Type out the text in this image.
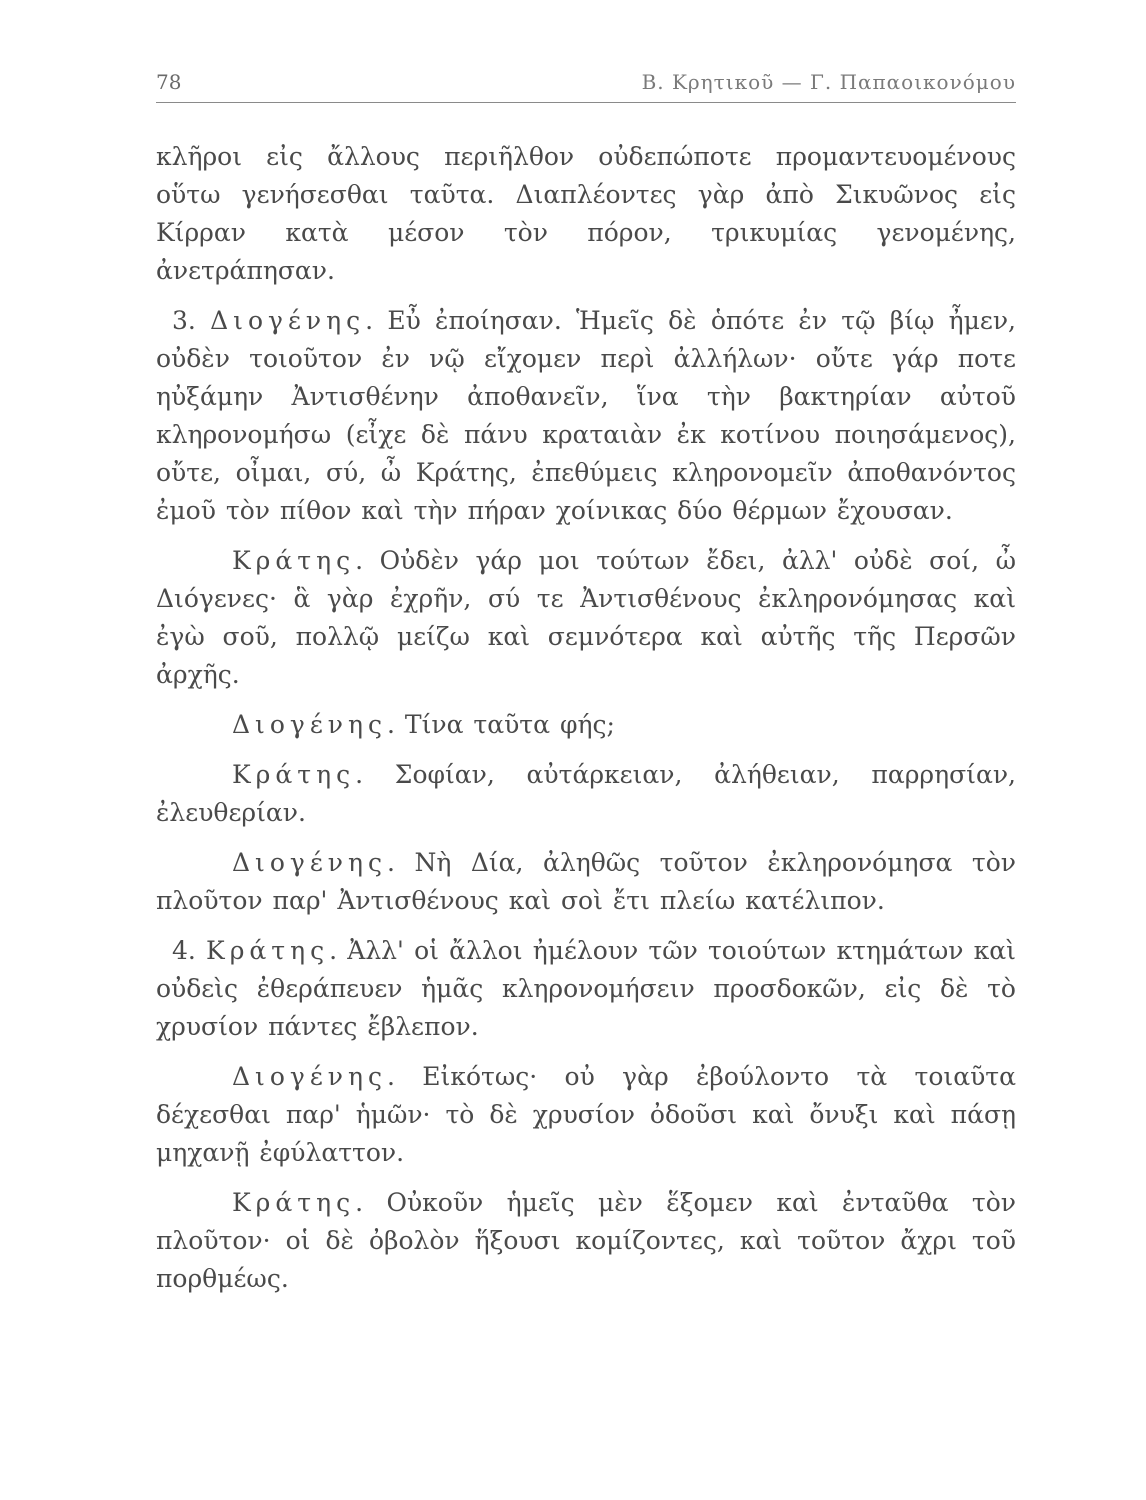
78	Β. Κρητικοῦ — Γ. Παπαοικονόμου

κλῆροι εἰς ἄλλους περιῆλθον οὐδεπώποτε προμαντευομένους οὕτω γενήσεσθαι ταῦτα. Διαπλέοντες γὰρ ἀπὸ Σικυῶνος εἰς Κίρραν κατὰ μέσον τὸν πόρον, τρικυμίας γενομένης, ἀνετράπησαν.

3. Διογένης . Εὖ ἐποίησαν. Ἡμεῖς δὲ ὁπότε ἐν τῷ βίῳ ἦμεν, οὐδὲν τοιοῦτον ἐν νῷ εἴχομεν περὶ ἀλλήλων· οὔτε γάρ ποτε ηὐξάμην Ἀντισθένην ἀποθανεῖν, ἵνα τὴν βακτηρίαν αὐτοῦ κληρονομήσω (εἶχε δὲ πάνυ κραταιὰν ἐκ κοτίνου ποιησάμενος), οὔτε, οἶμαι, σύ, ὦ Κράτης, ἐπεθύμεις κληρονομεῖν ἀποθανόντος ἐμοῦ τὸν πίθον καὶ τὴν πήραν χοίνικας δύο θέρμων ἔχουσαν.

Κράτης . Οὐδὲν γάρ μοι τούτων ἔδει, ἀλλ' οὐδὲ σοί, ὦ Διόγενες· ἃ γὰρ ἐχρῆν, σύ τε Ἀντισθένους ἐκληρονόμησας καὶ ἐγὼ σοῦ, πολλῷ μείζω καὶ σεμνότερα καὶ αὐτῆς τῆς Περσῶν ἀρχῆς.

Διογένης . Τίνα ταῦτα φής;

Κράτης . Σοφίαν, αὐτάρκειαν, ἀλήθειαν, παρρησίαν, ἐλευθερίαν.

Διογένης . Νὴ Δία, ἀληθῶς τοῦτον ἐκληρονόμησα τὸν πλοῦτον παρ' Ἀντισθένους καὶ σοὶ ἔτι πλείω κατέλιπον.

4. Κράτης . Ἀλλ' οἱ ἄλλοι ἠμέλουν τῶν τοιούτων κτημάτων καὶ οὐδεὶς ἐθεράπευεν ἡμᾶς κληρονομήσειν προσδοκῶν, εἰς δὲ τὸ χρυσίον πάντες ἔβλεπον.

Διογένης . Εἰκότως· οὐ γὰρ ἐβούλοντο τὰ τοιαῦτα δέχεσθαι παρ' ἡμῶν· τὸ δὲ χρυσίον ὀδοῦσι καὶ ὄνυξι καὶ πάσῃ μηχανῇ ἐφύλαττον.

Κράτης . Οὐκοῦν ἡμεῖς μὲν ἕξομεν καὶ ἐνταῦθα τὸν πλοῦτον· οἱ δὲ ὀβολὸν ἥξουσι κομίζοντες, καὶ τοῦτον ἄχρι τοῦ πορθμέως.
